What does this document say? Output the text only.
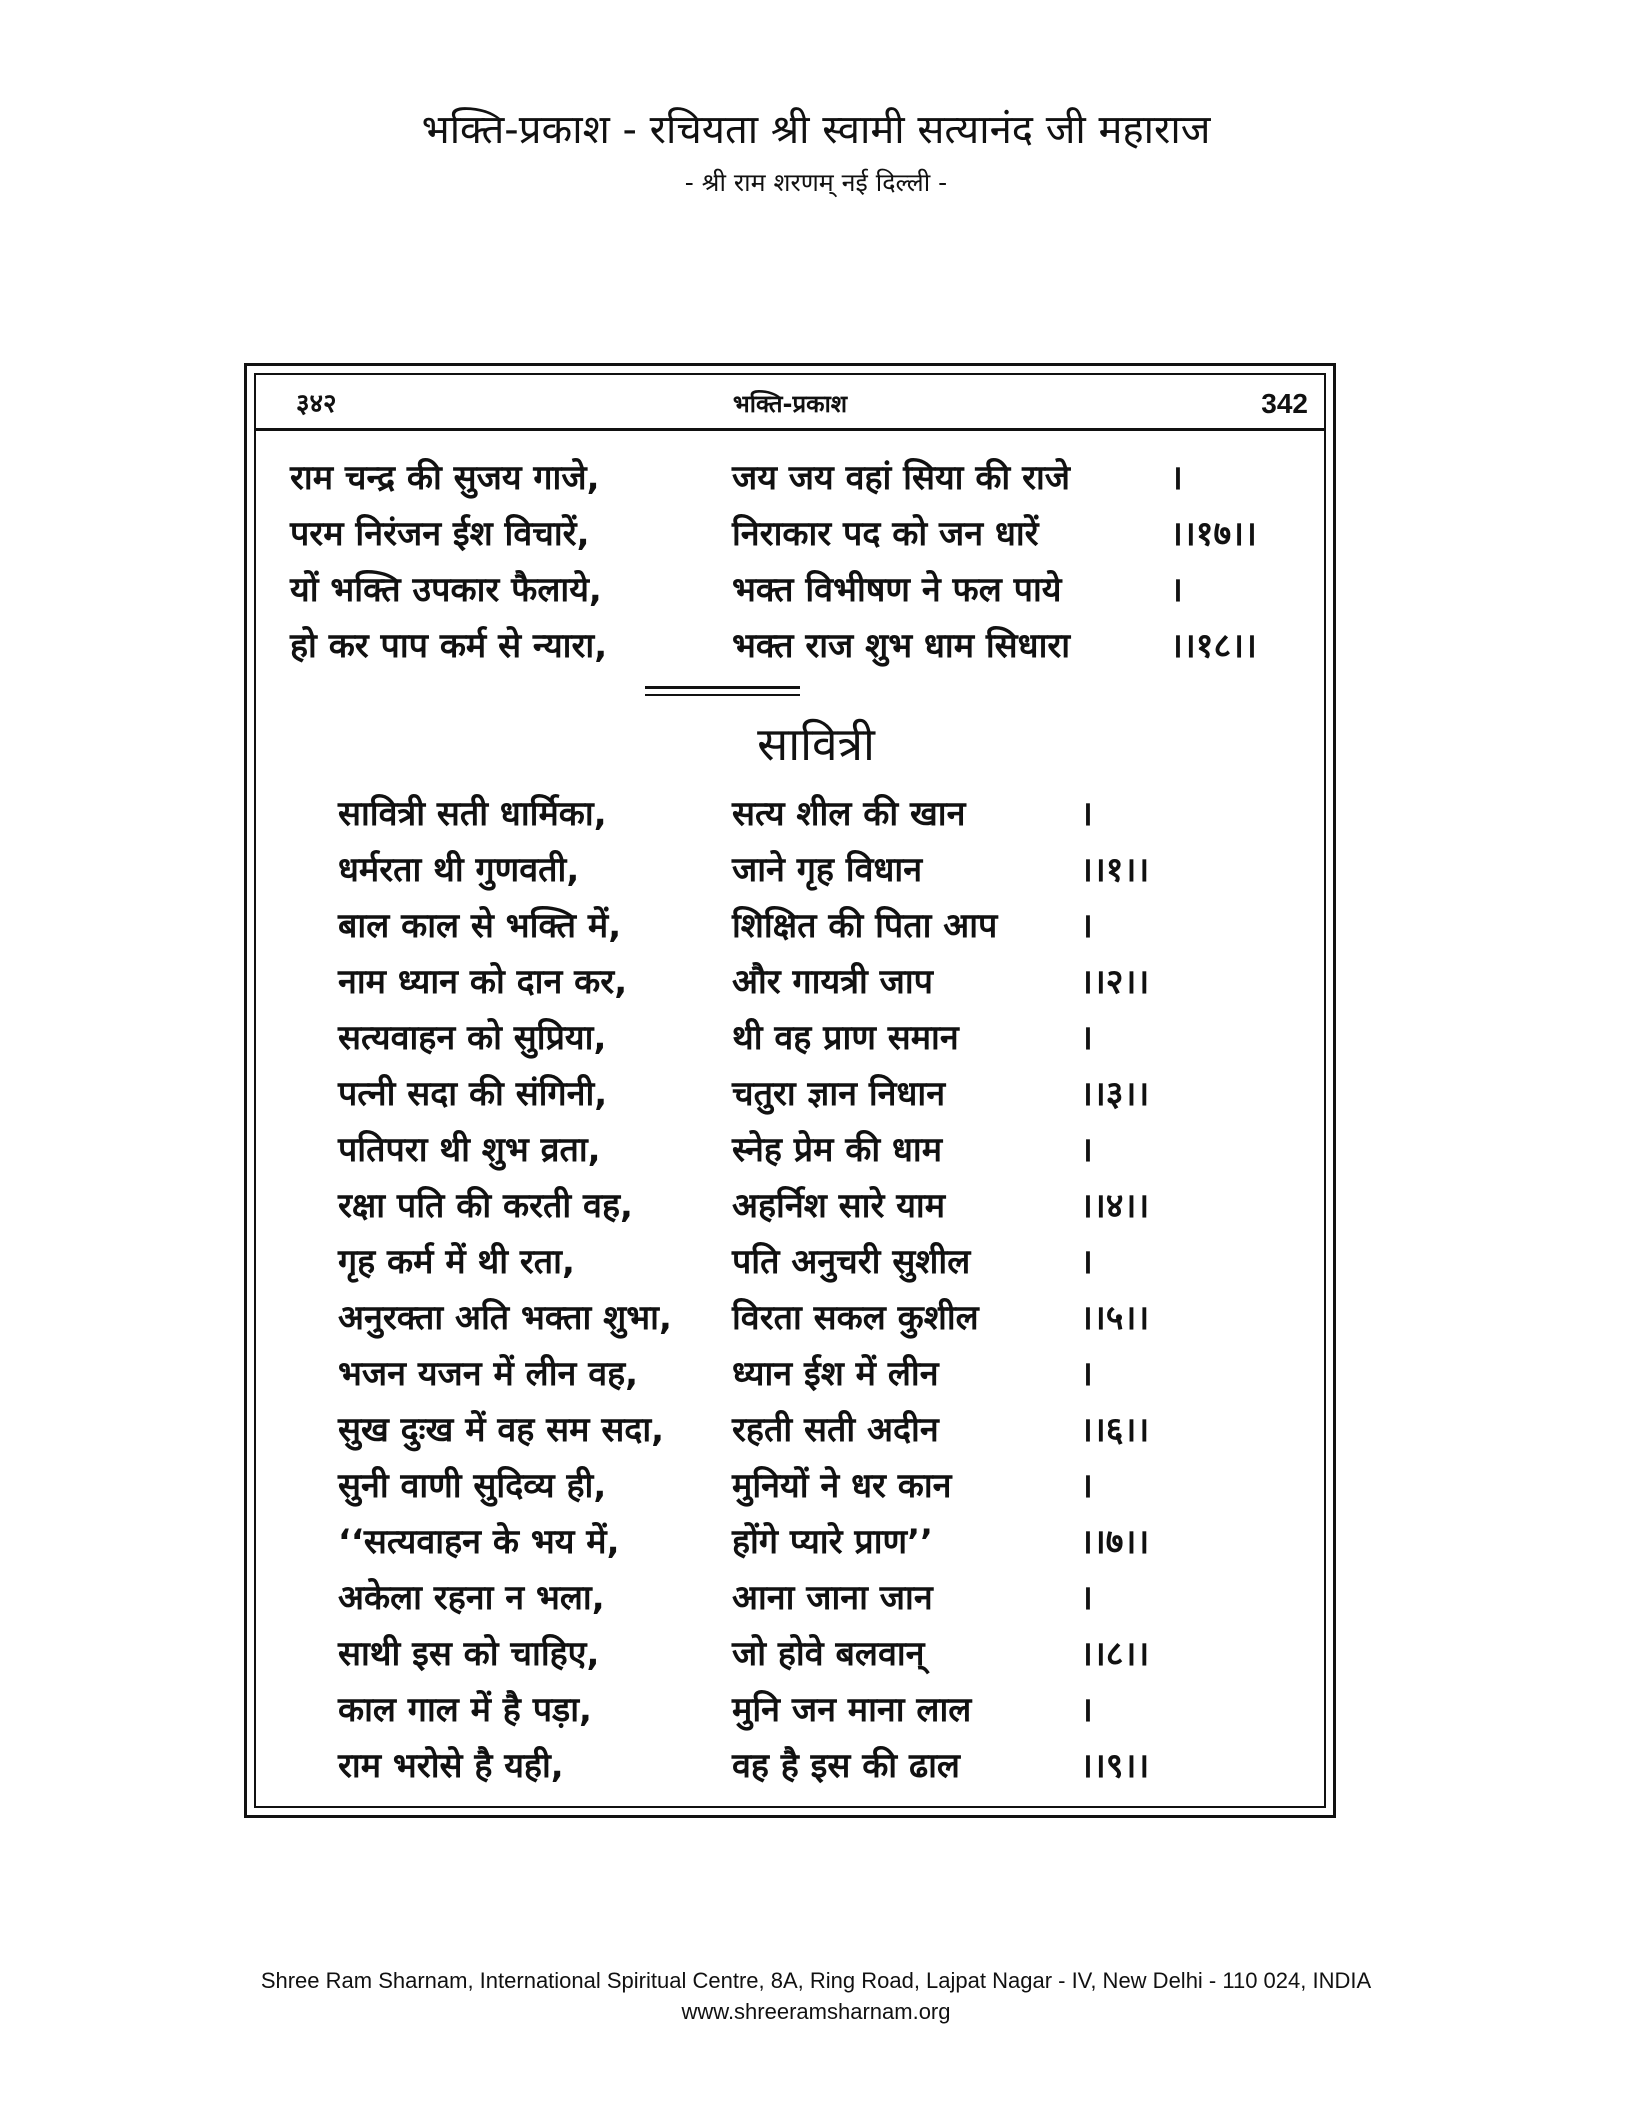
भक्ति-प्रकाश - रचियता श्री स्वामी सत्यानंद जी महाराज
- श्री राम शरणम् नई दिल्ली -
३४२	भक्ति-प्रकाश	342
राम चन्द्र की सुजय गाजे,	जय जय वहां सिया की राजे	।
परम निरंजन ईश विचारें,	निराकार पद को जन धारें	।।१७।।
यों भक्ति उपकार फैलाये,	भक्त विभीषण ने फल पाये	।
हो कर पाप कर्म से न्यारा,	भक्त राज शुभ धाम सिधारा	।।१८।।
सावित्री
सावित्री सती धार्मिका,	सत्य शील की खान	।
धर्मरता थी गुणवती,	जाने गृह विधान	।।१।।
बाल काल से भक्ति में,	शिक्षित की पिता आप ।
नाम ध्यान को दान कर,	और गायत्री जाप	।।२।।
सत्यवाहन को सुप्रिया,	थी वह प्राण समान	।
पत्नी सदा की संगिनी,	चतुरा ज्ञान निधान	।।३।।
पतिपरा थी शुभ व्रता,	स्नेह प्रेम की धाम	।
रक्षा पति की करती वह,	अहर्निश सारे याम	।।४।।
गृह कर्म में थी रता,	पति अनुचरी सुशील	।
अनुरक्ता अति भक्ता शुभा, विरता सकल कुशील	।।५।।
भजन यजन में लीन वह,	ध्यान ईश में लीन	।
सुख दुःख में वह सम सदा, रहती सती अदीन	।।६।।
सुनी वाणी सुदिव्य ही,	मुनियों ने धर कान	।
‘‘सत्यवाहन के भय में,	होंगे प्यारे प्राण’’	।।७।।
अकेला रहना न भला,	आना जाना जान	।
साथी इस को चाहिए,	जो होवे बलवान्	।।८।।
काल गाल में है पड़ा,	मुनि जन माना लाल	।
राम भरोसे है यही,	वह है इस की ढाल	।।९।।
Shree Ram Sharnam, International Spiritual Centre, 8A, Ring Road, Lajpat Nagar - IV, New Delhi - 110 024, INDIA
www.shreeramsharnam.org
